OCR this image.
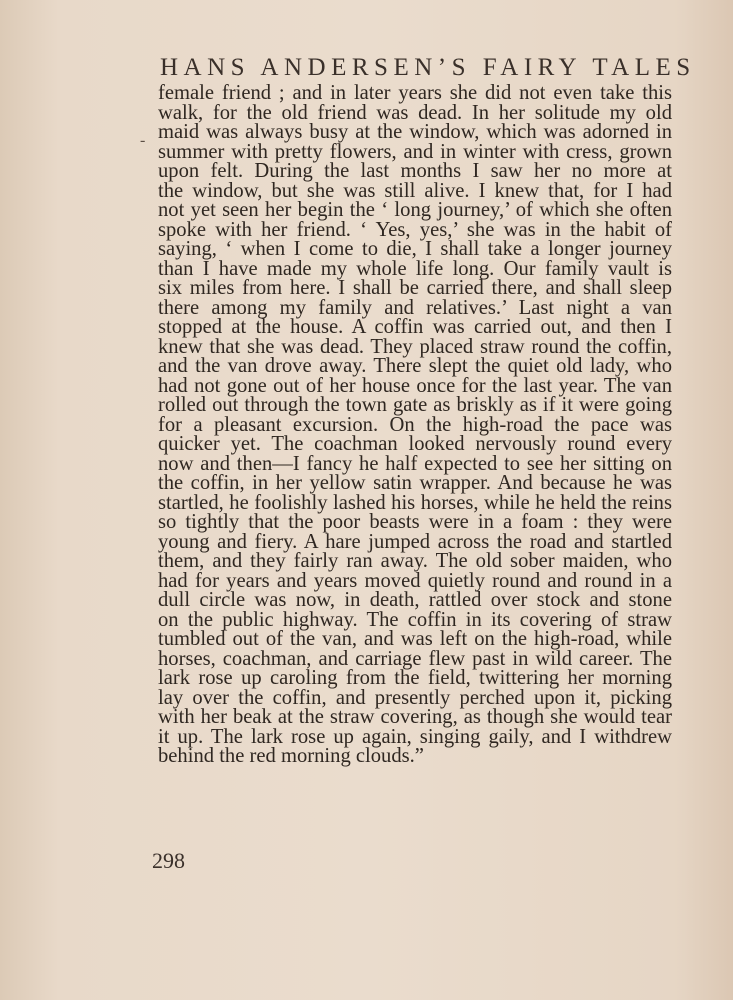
HANS ANDERSEN’S FAIRY TALES
-
female friend ; and in later years she did not even take this
walk, for the old friend was dead. In her solitude my old
maid was always busy at the window, which was adorned in
summer with pretty flowers, and in winter with cress, grown
upon felt. During the last months I saw her no more at
the window, but she was still alive. I knew that, for I had
not yet seen her begin the ‘ long journey,’ of which she often
spoke with her friend. ‘ Yes, yes,’ she was in the habit of
saying, ‘ when I come to die, I shall take a longer journey
than I have made my whole life long. Our family vault is
six miles from here. I shall be carried there, and shall sleep
there among my family and relatives.’ Last night a van
stopped at the house. A coffin was carried out, and then I
knew that she was dead. They placed straw round the coffin,
and the van drove away. There slept the quiet old lady, who
had not gone out of her house once for the last year. The van
rolled out through the town gate as briskly as if it were going
for a pleasant excursion. On the high-road the pace was
quicker yet. The coachman looked nervously round every
now and then—I fancy he half expected to see her sitting on
the coffin, in her yellow satin wrapper. And because he was
startled, he foolishly lashed his horses, while he held the reins
so tightly that the poor beasts were in a foam : they were
young and fiery. A hare jumped across the road and startled
them, and they fairly ran away. The old sober maiden, who
had for years and years moved quietly round and round in a
dull circle was now, in death, rattled over stock and stone
on the public highway. The coffin in its covering of straw
tumbled out of the van, and was left on the high-road, while
horses, coachman, and carriage flew past in wild career. The
lark rose up caroling from the field, twittering her morning
lay over the coffin, and presently perched upon it, picking
with her beak at the straw covering, as though she would tear
it up. The lark rose up again, singing gaily, and I withdrew
behind the red morning clouds.”
298
